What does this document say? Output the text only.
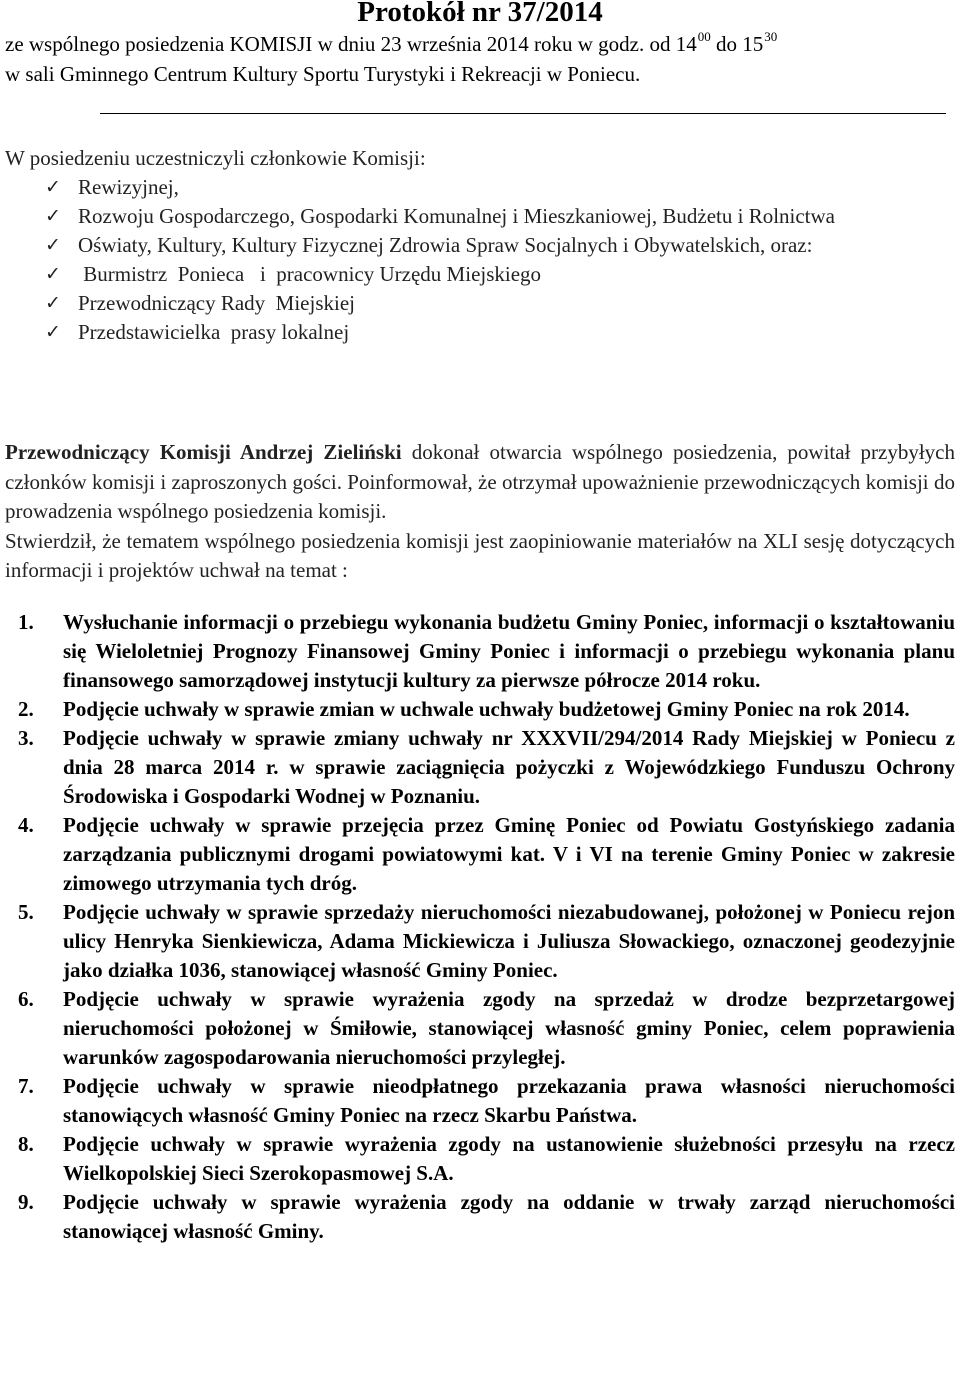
Protokół nr 37/2014
ze wspólnego posiedzenia KOMISJI w dniu 23 września 2014 roku w godz. od $14^{00}$ do $15^{30}$
w sali Gminnego Centrum Kultury Sportu Turystyki i Rekreacji w Poniecu.
W posiedzeniu uczestniczyli członkowie Komisji:
✓ Rewizyjnej,
✓ Rozwoju Gospodarczego, Gospodarki Komunalnej i Mieszkaniowej, Budżetu i Rolnictwa
✓ Oświaty, Kultury, Kultury Fizycznej Zdrowia Spraw Socjalnych i Obywatelskich, oraz:
✓ Burmistrz  Ponieca   i  pracownicy Urzędu Miejskiego
✓ Przewodniczący Rady  Miejskiej
✓ Przedstawicielka  prasy lokalnej
Przewodniczący Komisji Andrzej Zieliński dokonał otwarcia wspólnego posiedzenia, powitał przybyłych członków komisji i zaproszonych gości. Poinformował, że otrzymał upoważnienie przewodniczących komisji do prowadzenia wspólnego posiedzenia komisji.
Stwierdził, że tematem wspólnego posiedzenia komisji jest zaopiniowanie materiałów na XLI sesję dotyczących informacji i projektów uchwał na temat :
1. Wysłuchanie informacji o przebiegu wykonania budżetu Gminy Poniec, informacji o kształtowaniu się Wieloletniej Prognozy Finansowej Gminy Poniec i informacji o przebiegu wykonania planu finansowego samorządowej instytucji kultury za pierwsze półrocze 2014 roku.
2. Podjęcie uchwały w sprawie zmian w uchwale uchwały budżetowej Gminy Poniec na rok 2014.
3. Podjęcie uchwały w sprawie zmiany uchwały nr XXXVII/294/2014 Rady Miejskiej w Poniecu z dnia 28 marca 2014 r. w sprawie zaciągnięcia pożyczki z Wojewódzkiego Funduszu Ochrony Środowiska i Gospodarki Wodnej w Poznaniu.
4. Podjęcie uchwały w sprawie przejęcia przez Gminę Poniec od Powiatu Gostyńskiego zadania zarządzania publicznymi drogami powiatowymi kat. V i VI na terenie Gminy Poniec w zakresie zimowego utrzymania tych dróg.
5. Podjęcie uchwały w sprawie sprzedaży nieruchomości niezabudowanej, położonej w Poniecu rejon ulicy Henryka Sienkiewicza, Adama Mickiewicza i Juliusza Słowackiego, oznaczonej geodezyjnie jako działka 1036, stanowiącej własność Gminy Poniec.
6. Podjęcie uchwały w sprawie wyrażenia zgody na sprzedaż w drodze bezprzetargowej nieruchomości położonej w Śmiłowie, stanowiącej własność gminy Poniec, celem poprawienia warunków zagospodarowania nieruchomości przyległej.
7. Podjęcie uchwały w sprawie nieodpłatnego przekazania prawa własności nieruchomości stanowiących własność Gminy Poniec na rzecz Skarbu Państwa.
8. Podjęcie uchwały w sprawie wyrażenia zgody na ustanowienie służebności przesyłu na rzecz Wielkopolskiej Sieci Szerokopasmowej S.A.
9. Podjęcie uchwały w sprawie wyrażenia zgody na oddanie w trwały zarząd nieruchomości stanowiącej własność Gminy.
